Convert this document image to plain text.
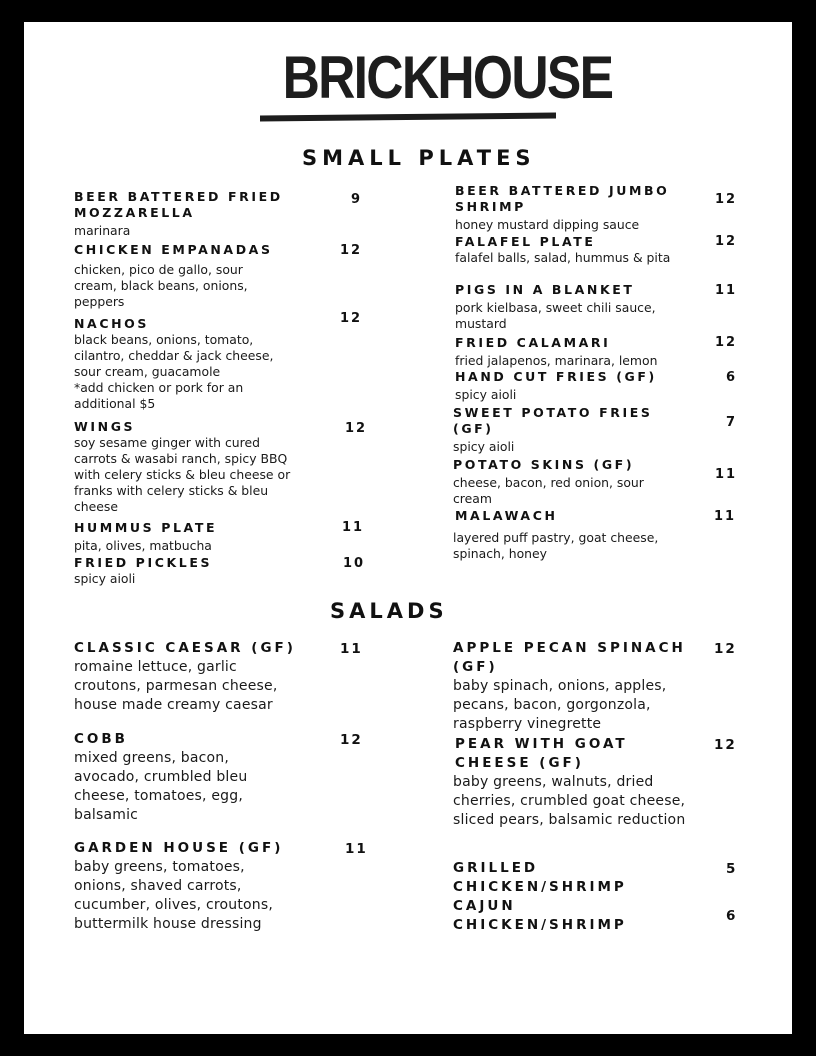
BRICKHOUSE
SMALL PLATES
BEER BATTERED FRIED MOZZARELLA
marinara
9
CHICKEN EMPANADAS
chicken, pico de gallo, sour cream, black beans, onions, peppers
12
NACHOS
black beans, onions, tomato, cilantro, cheddar & jack cheese, sour cream, guacamole
*add chicken or pork for an additional $5
12
WINGS
soy sesame ginger with cured carrots & wasabi ranch, spicy BBQ with celery sticks & bleu cheese or franks with celery sticks & bleu cheese
12
HUMMUS PLATE
pita, olives, matbucha
11
FRIED PICKLES
spicy aioli
10
BEER BATTERED JUMBO SHRIMP
honey mustard dipping sauce
12
FALAFEL PLATE
falafel balls, salad, hummus & pita
12
PIGS IN A BLANKET
pork kielbasa, sweet chili sauce, mustard
11
FRIED CALAMARI
fried jalapenos, marinara, lemon
12
HAND CUT FRIES (GF)
spicy aioli
6
SWEET POTATO FRIES (GF)
spicy aioli
7
POTATO SKINS (GF)
cheese, bacon, red onion, sour cream
11
MALAWACH
layered puff pastry, goat cheese, spinach, honey
11
SALADS
CLASSIC CAESAR (GF)
romaine lettuce, garlic croutons, parmesan cheese, house made creamy caesar
11
COBB
mixed greens, bacon, avocado, crumbled bleu cheese, tomatoes, egg, balsamic
12
GARDEN HOUSE (GF)
baby greens, tomatoes, onions, shaved carrots, cucumber, olives, croutons, buttermilk house dressing
11
APPLE PECAN SPINACH (GF)
baby spinach, onions, apples, pecans, bacon, gorgonzola, raspberry vinegrette
12
PEAR WITH GOAT CHEESE (GF)
baby greens, walnuts, dried cherries, crumbled goat cheese, sliced pears, balsamic reduction
12
GRILLED CHICKEN/SHRIMP
5
CAJUN CHICKEN/SHRIMP
6
